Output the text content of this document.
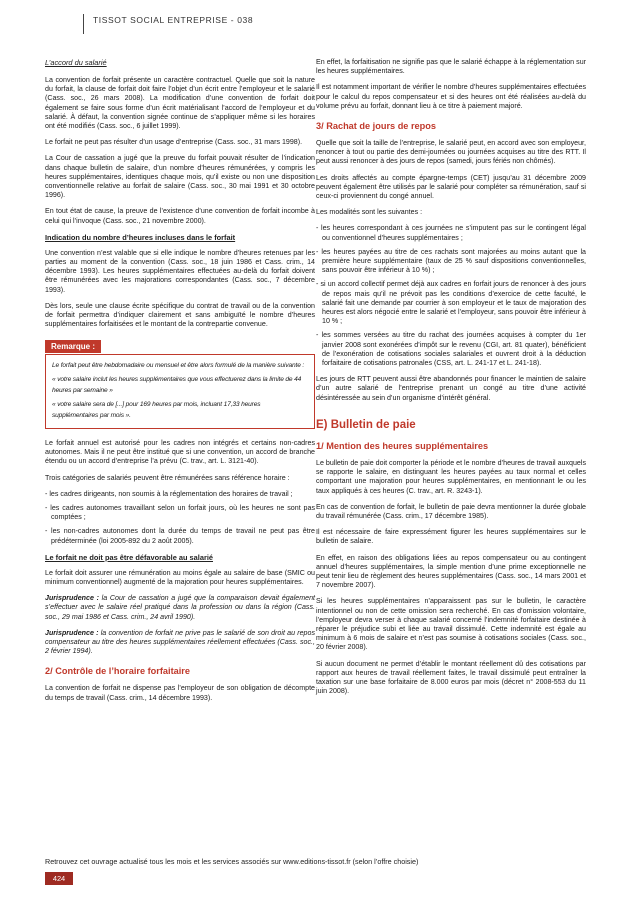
TISSOT SOCIAL ENTREPRISE - 038
L’accord du salarié

La convention de forfait présente un caractère contractuel. Quelle que soit la nature du forfait, la clause de forfait doit faire l’objet d’un écrit entre l’employeur et le salarié (Cass. soc., 26 mars 2008). La modification d’une convention de forfait doit également se faire sous forme d’un écrit matérialisant l’accord de l’employeur et du salarié. À défaut, la convention signée continue de s’appliquer même si les horaires ont été modifiés (Cass. soc., 6 juillet 1999).

Le forfait ne peut pas résulter d’un usage d’entreprise (Cass. soc., 31 mars 1998).

La Cour de cassation a jugé que la preuve du forfait pouvait résulter de l’indication dans chaque bulletin de salaire, d’un nombre d’heures rémunérées, y compris les heures supplémentaires, identiques chaque mois, qu’il existe ou non une disposition conventionnelle relative au forfait de salaire (Cass. soc., 30 mai 1991 et 30 octobre 1996).

En tout état de cause, la preuve de l’existence d’une convention de forfait incombe à celui qui l’invoque (Cass. soc., 21 novembre 2000).

Indication du nombre d’heures incluses dans le forfait

Une convention n’est valable que si elle indique le nombre d’heures retenues par les parties au moment de la convention (Cass. soc., 18 juin 1986 et Cass. crim., 14 décembre 1993). Les heures supplémentaires effectuées au-delà du forfait doivent être rémunérées avec les majorations correspondantes (Cass. soc., 7 décembre 1993).

Dès lors, seule une clause écrite spécifique du contrat de travail ou de la convention de forfait permettra d’indiquer clairement et sans ambiguïté le nombre d’heures supplémentaires forfaitisées et le montant de la contrepartie convenue.

Remarque :

Le forfait peut être hebdomadaire ou mensuel et être alors formulé de la manière suivante :

« votre salaire inclut les heures supplémentaires que vous effectuerez dans la limite de 44 heures par semaine »

« votre salaire sera de [...] pour 169 heures par mois, incluant 17,33 heures supplémentaires par mois ».

Le forfait annuel est autorisé pour les cadres non intégrés et certains non-cadres autonomes. Mais il ne peut être institué que si une convention, un accord de branche étendu ou un accord d’entreprise l’a prévu (C. trav., art. L. 3121-40).

Trois catégories de salariés peuvent être rémunérées sans référence horaire :

- les cadres dirigeants, non soumis à la réglementation des horaires de travail ;
- les cadres autonomes travaillant selon un forfait jours, où les heures ne sont pas comptées ;
- les non-cadres autonomes dont la durée du temps de travail ne peut pas être prédéterminée (loi 2005-892 du 2 août 2005).
Le forfait ne doit pas être défavorable au salarié

Le forfait doit assurer une rémunération au moins égale au salaire de base (SMIC ou minimum conventionnel) augmenté de la majoration pour heures supplémentaires.

Jurisprudence : la Cour de cassation a jugé que la comparaison devait également s’effectuer avec le salaire réel pratiqué dans la profession ou dans la région (Cass. soc., 29 mai 1986 et Cass. crim., 24 avril 1990).

Jurisprudence : la convention de forfait ne prive pas le salarié de son droit au repos compensateur au titre des heures supplémentaires réellement effectuées (Cass. soc., 2 février 1994).

2/ Contrôle de l’horaire forfaitaire

La convention de forfait ne dispense pas l’employeur de son obligation de décompte du temps de travail (Cass. crim., 14 décembre 1993).

En effet, la forfaitisation ne signifie pas que le salarié échappe à la réglementation sur les heures supplémentaires.

Il est notamment important de vérifier le nombre d’heures supplémentaires effectuées pour le calcul du repos compensateur et si des heures ont été réalisées au-delà du volume prévu au forfait, donnant lieu à ce titre à paiement majoré.

3/ Rachat de jours de repos

Quelle que soit la taille de l’entreprise, le salarié peut, en accord avec son employeur, renoncer à tout ou partie des demi-journées ou journées acquises au titre des RTT. Il peut aussi renoncer à des jours de repos (samedi, jours fériés non chômés).

Les droits affectés au compte épargne-temps (CET) jusqu’au 31 décembre 2009 peuvent également être utilisés par le salarié pour compléter sa rémunération, sauf si ceux-ci proviennent du congé annuel.

Les modalités sont les suivantes :

- les heures correspondant à ces journées ne s’imputent pas sur le contingent légal ou conventionnel d’heures supplémentaires ;
- les heures payées au titre de ces rachats sont majorées au moins autant que la première heure supplémentaire (taux de 25 % sauf dispositions conventionnelles, sans pouvoir être inférieur à 10 %) ;
- si un accord collectif permet déjà aux cadres en forfait jours de renoncer à des jours de repos mais qu’il ne prévoit pas les conditions d’exercice de cette faculté, le salarié fait une demande par courrier à son employeur et le taux de majoration des heures est alors négocié entre le salarié et l’employeur, sans pouvoir être inférieur à 10 % ;
- les sommes versées au titre du rachat des journées acquises à compter du 1er janvier 2008 sont exonérées d’impôt sur le revenu (CGI, art. 81 quater), bénéficient de l’exonération de cotisations sociales salariales et ouvrent droit à la déduction forfaitaire de cotisations patronales (CSS, art. L. 241-17 et L. 241-18).

Les jours de RTT peuvent aussi être abandonnés pour financer le maintien de salaire d’un autre salarié de l’entreprise prenant un congé au titre d’une activité désintéressée au sein d’un organisme d’intérêt général.

E) Bulletin de paie
1/ Mention des heures supplémentaires

Le bulletin de paie doit comporter la période et le nombre d’heures de travail auxquels se rapporte le salaire, en distinguant les heures payées au taux normal et celles comportant une majoration pour heures supplémentaires, en mentionnant le ou les taux appliqués à ces heures (C. trav., art. R. 3243-1).

En cas de convention de forfait, le bulletin de paie devra mentionner la durée globale du travail rémunérée (Cass. crim., 17 décembre 1985).

Il est nécessaire de faire expressément figurer les heures supplémentaires sur le bulletin de salaire.

En effet, en raison des obligations liées au repos compensateur ou au contingent annuel d’heures supplémentaires, la simple mention d’une prime exceptionnelle ne peut tenir lieu de règlement des heures supplémentaires (Cass. soc., 14 mars 2001 et 7 novembre 2007).

Si les heures supplémentaires n’apparaissent pas sur le bulletin, le caractère intentionnel ou non de cette omission sera recherché. En cas d’omission volontaire, l’employeur devra verser à chaque salarié concerné l’indemnité forfaitaire destinée à réparer le préjudice subi et liée au travail dissimulé. Cette indemnité est égale au minimum à 6 mois de salaire et n’est pas soumise à cotisations sociales (Cass. soc., 20 février 2008).

Si aucun document ne permet d’établir le montant réellement dû des cotisations par rapport aux heures de travail réellement faites, le travail dissimulé peut entraîner la taxation sur une base forfaitaire de 8.000 euros par mois (décret n° 2008-553 du 11 juin 2008).

Retrouvez cet ouvrage actualisé tous les mois et les services associés sur www.editions-tissot.fr (selon l’offre choisie)
424
